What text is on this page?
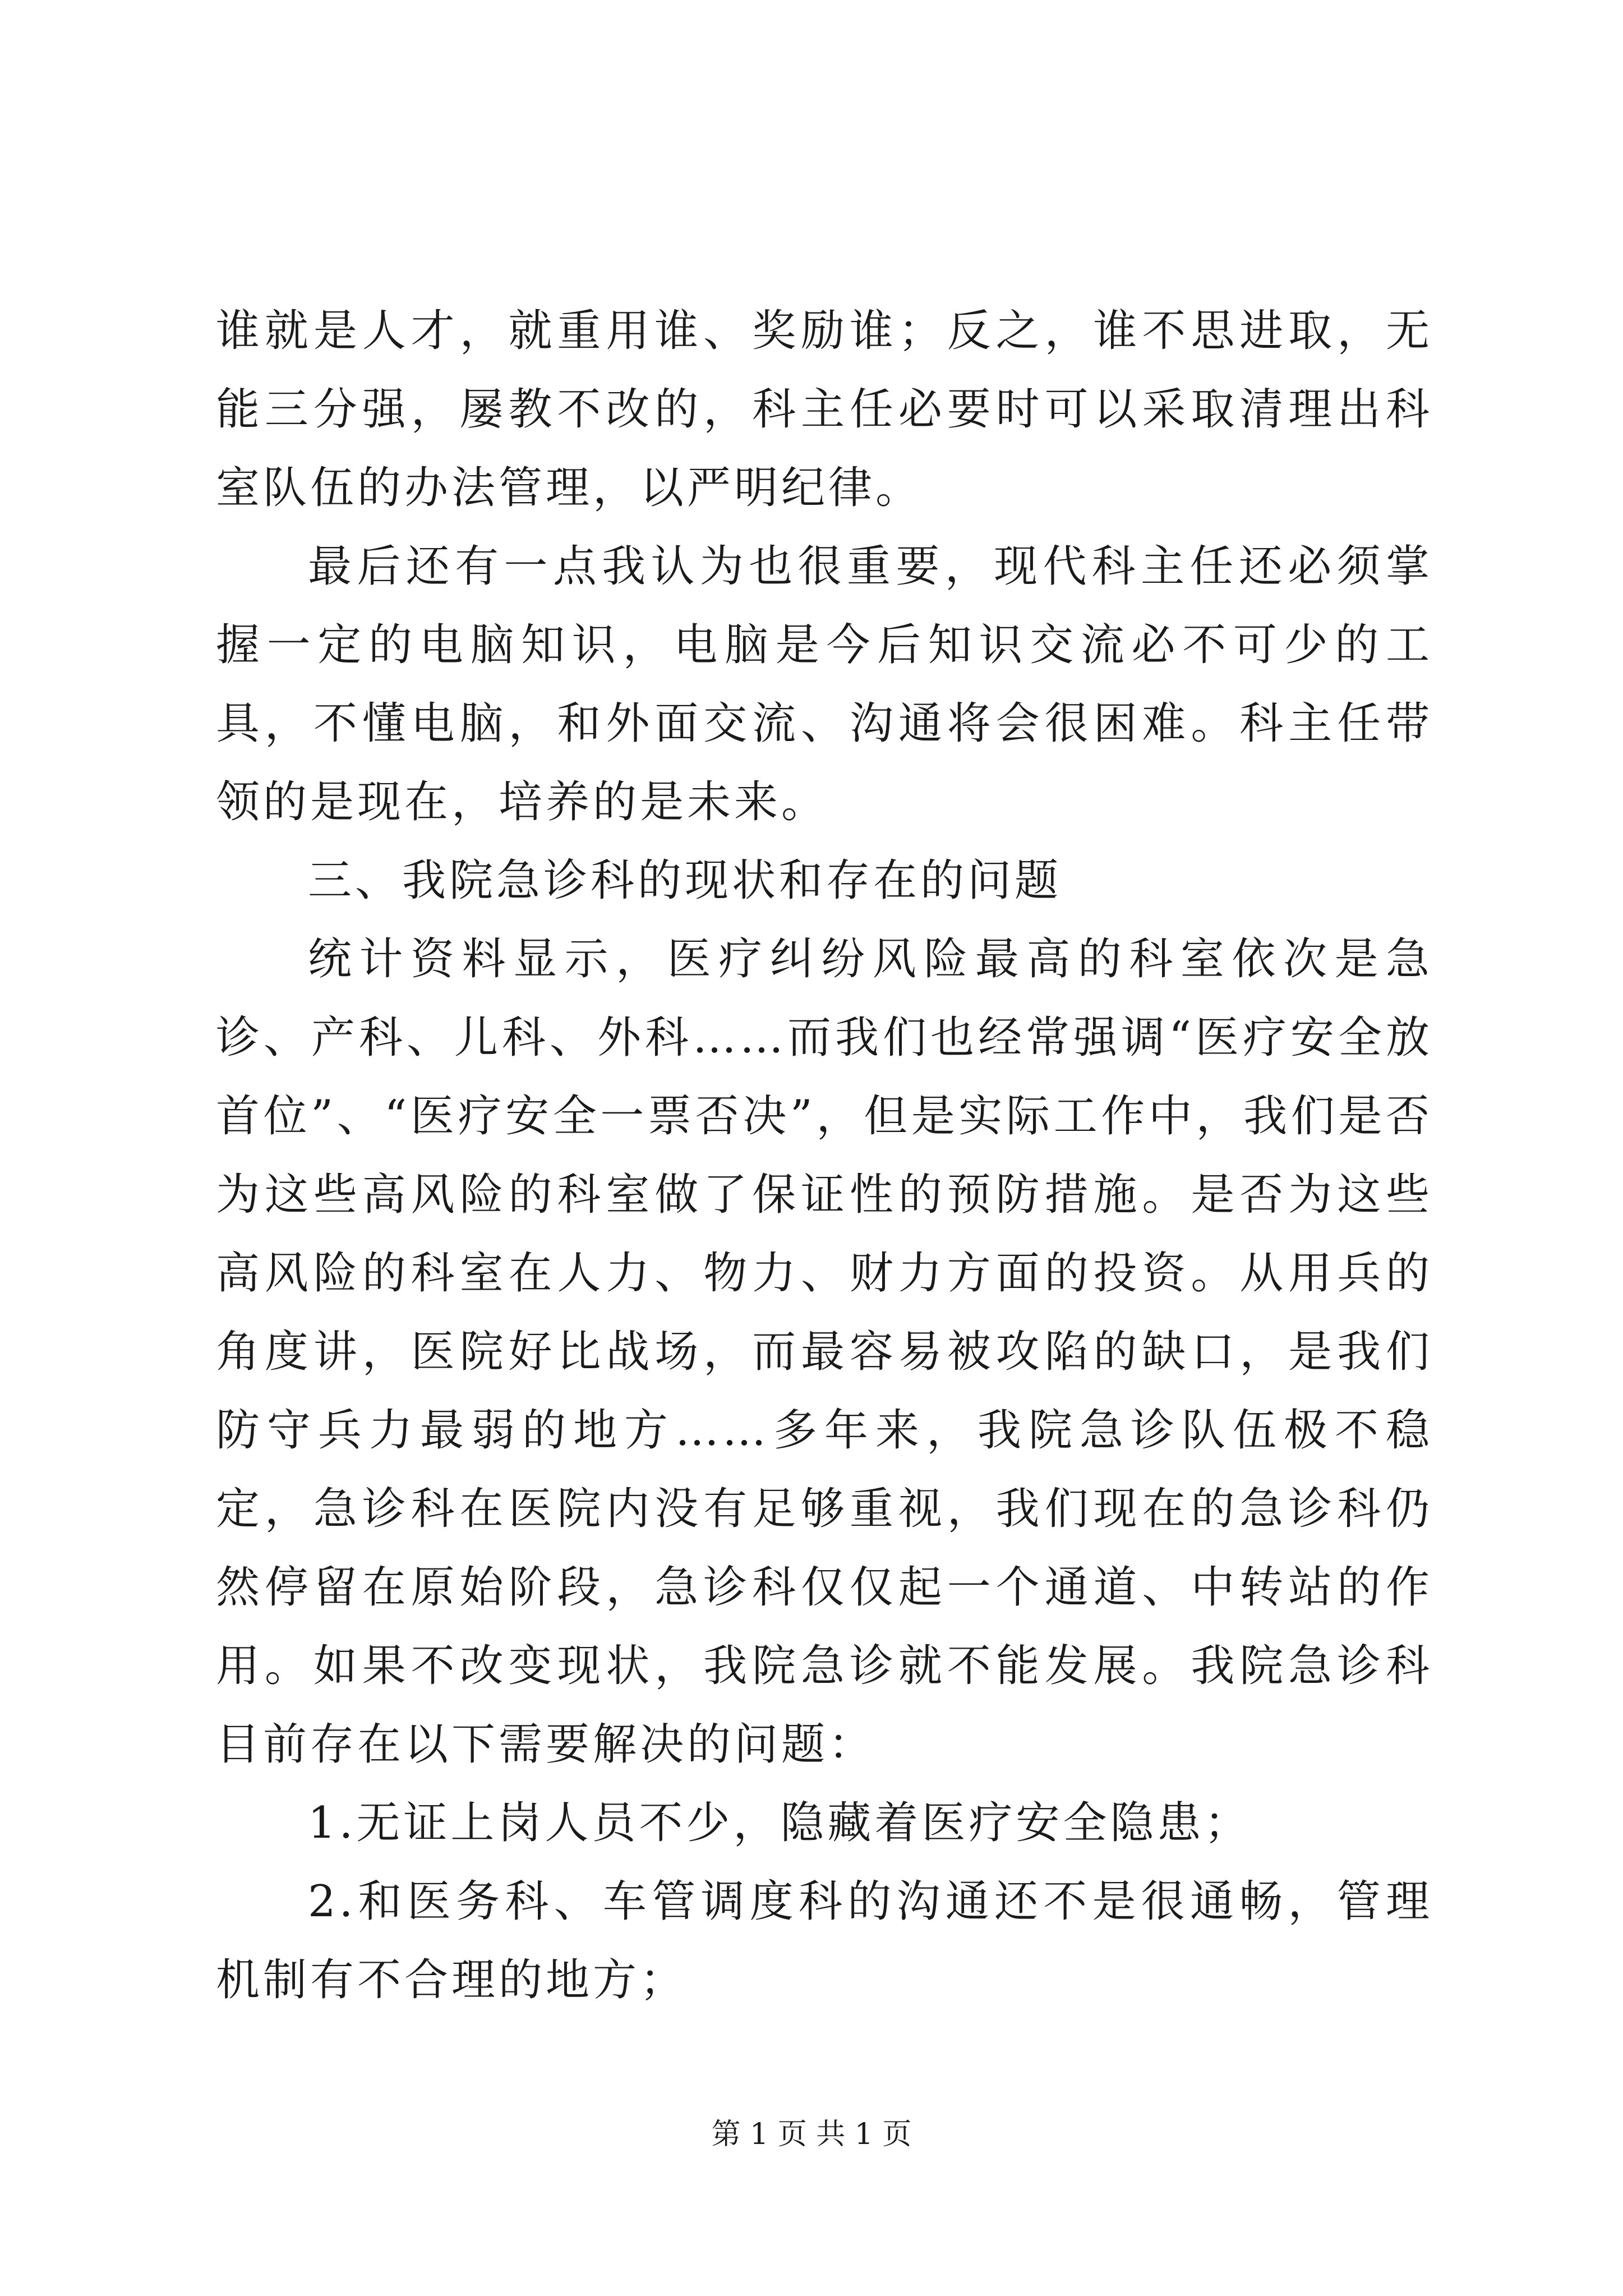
谁就是人才，就重用谁、奖励谁；反之，谁不思进取，无能三分强，屡教不改的，科主任必要时可以采取清理出科室队伍的办法管理，以严明纪律。

最后还有一点我认为也很重要，现代科主任还必须掌握一定的电脑知识，电脑是今后知识交流必不可少的工具，不懂电脑，和外面交流、沟通将会很困难。科主任带领的是现在，培养的是未来。

三、我院急诊科的现状和存在的问题

统计资料显示，医疗纠纷风险最高的科室依次是急诊、产科、儿科、外科……而我们也经常强调“医疗安全放首位”、“医疗安全一票否决”，但是实际工作中，我们是否为这些高风险的科室做了保证性的预防措施。是否为这些高风险的科室在人力、物力、财力方面的投资。从用兵的角度讲，医院好比战场，而最容易被攻陷的缺口，是我们防守兵力最弱的地方……多年来，我院急诊队伍极不稳定，急诊科在医院内没有足够重视，我们现在的急诊科仍然停留在原始阶段，急诊科仅仅起一个通道、中转站的作用。如果不改变现状，我院急诊就不能发展。我院急诊科目前存在以下需要解决的问题：

1.无证上岗人员不少，隐藏着医疗安全隐患；

2.和医务科、车管调度科的沟通还不是很通畅，管理机制有不合理的地方；

第 1 页 共 1 页
